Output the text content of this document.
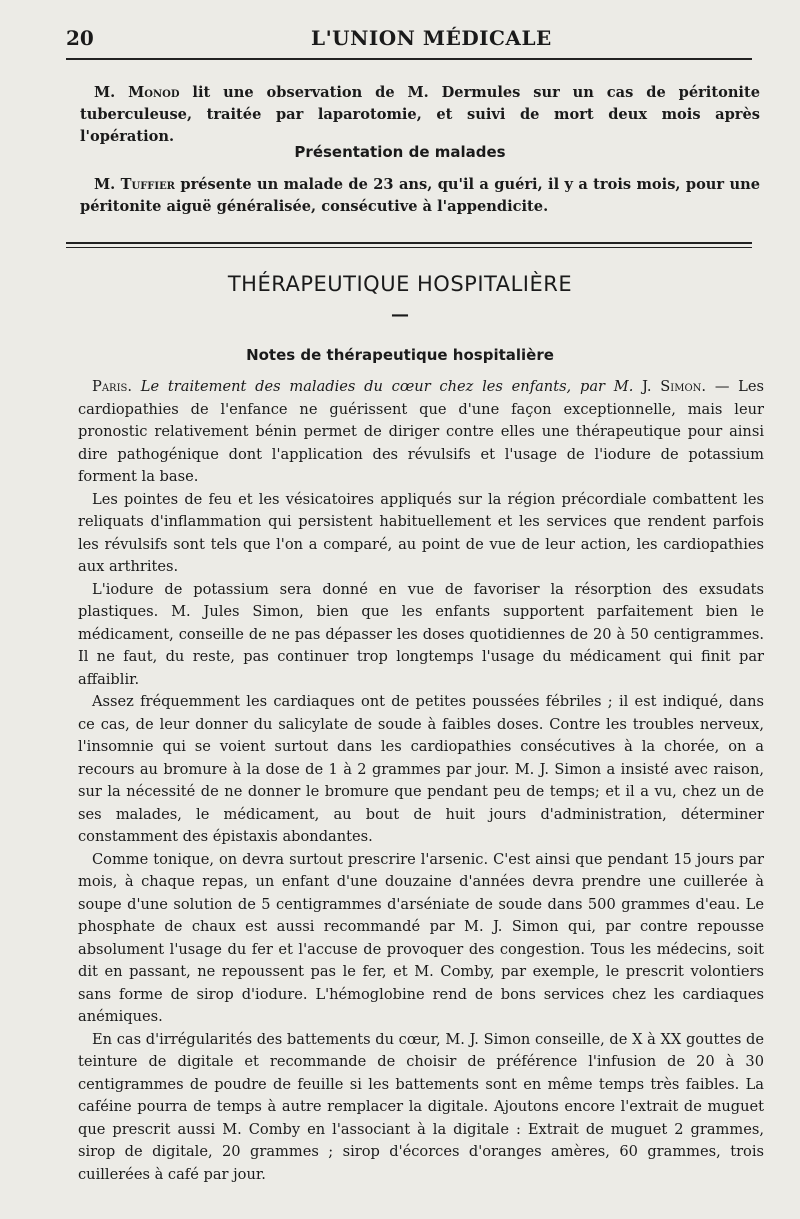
20	L'UNION MÉDICALE
M. Monod lit une observation de M. Dermules sur un cas de péritonite tuberculeuse, traitée par laparotomie, et suivi de mort deux mois après l'opération.
Présentation de malades
M. Tuffier présente un malade de 23 ans, qu'il a guéri, il y a trois mois, pour une péritonite aiguë généralisée, consécutive à l'appendicite.
THÉRAPEUTIQUE HOSPITALIÈRE
—
Notes de thérapeutique hospitalière

Paris. Le traitement des maladies du cœur chez les enfants, par M. J. Simon. — Les cardiopathies de l'enfance ne guérissent que d'une façon exceptionnelle, mais leur pronostic relativement bénin permet de diriger contre elles une thérapeutique pour ainsi dire pathogénique dont l'application des révulsifs et l'usage de l'iodure de potassium forment la base.

Les pointes de feu et les vésicatoires appliqués sur la région précordiale combattent les reliquats d'inflammation qui persistent habituellement et les services que rendent parfois les révulsifs sont tels que l'on a comparé, au point de vue de leur action, les cardiopathies aux arthrites.

L'iodure de potassium sera donné en vue de favoriser la résorption des exsudats plastiques. M. Jules Simon, bien que les enfants supportent parfaitement bien le médicament, conseille de ne pas dépasser les doses quotidiennes de 20 à 50 centigrammes. Il ne faut, du reste, pas continuer trop longtemps l'usage du médicament qui finit par affaiblir.

Assez fréquemment les cardiaques ont de petites poussées fébriles ; il est indiqué, dans ce cas, de leur donner du salicylate de soude à faibles doses. Contre les troubles nerveux, l'insomnie qui se voient surtout dans les cardiopathies consécutives à la chorée, on a recours au bromure à la dose de 1 à 2 grammes par jour. M. J. Simon a insisté avec raison, sur la nécessité de ne donner le bromure que pendant peu de temps; et il a vu, chez un de ses malades, le médicament, au bout de huit jours d'administration, déterminer constamment des épistaxis abondantes.

Comme tonique, on devra surtout prescrire l'arsenic. C'est ainsi que pendant 15 jours par mois, à chaque repas, un enfant d'une douzaine d'années devra prendre une cuillerée à soupe d'une solution de 5 centigrammes d'arséniate de soude dans 500 grammes d'eau. Le phosphate de chaux est aussi recommandé par M. J. Simon qui, par contre repousse absolument l'usage du fer et l'accuse de provoquer des congestion. Tous les médecins, soit dit en passant, ne repoussent pas le fer, et M. Comby, par exemple, le prescrit volontiers sans forme de sirop d'iodure. L'hémoglobine rend de bons services chez les cardiaques anémiques.

En cas d'irrégularités des battements du cœur, M. J. Simon conseille, de X à XX gouttes de teinture de digitale et recommande de choisir de préférence l'infusion de 20 à 30 centigrammes de poudre de feuille si les battements sont en même temps très faibles. La caféine pourra de temps à autre remplacer la digitale. Ajoutons encore l'extrait de muguet que prescrit aussi M. Comby en l'associant à la digitale : Extrait de muguet 2 grammes, sirop de digitale, 20 grammes ; sirop d'écorces d'oranges amères, 60 grammes, trois cuillerées à café par jour.
